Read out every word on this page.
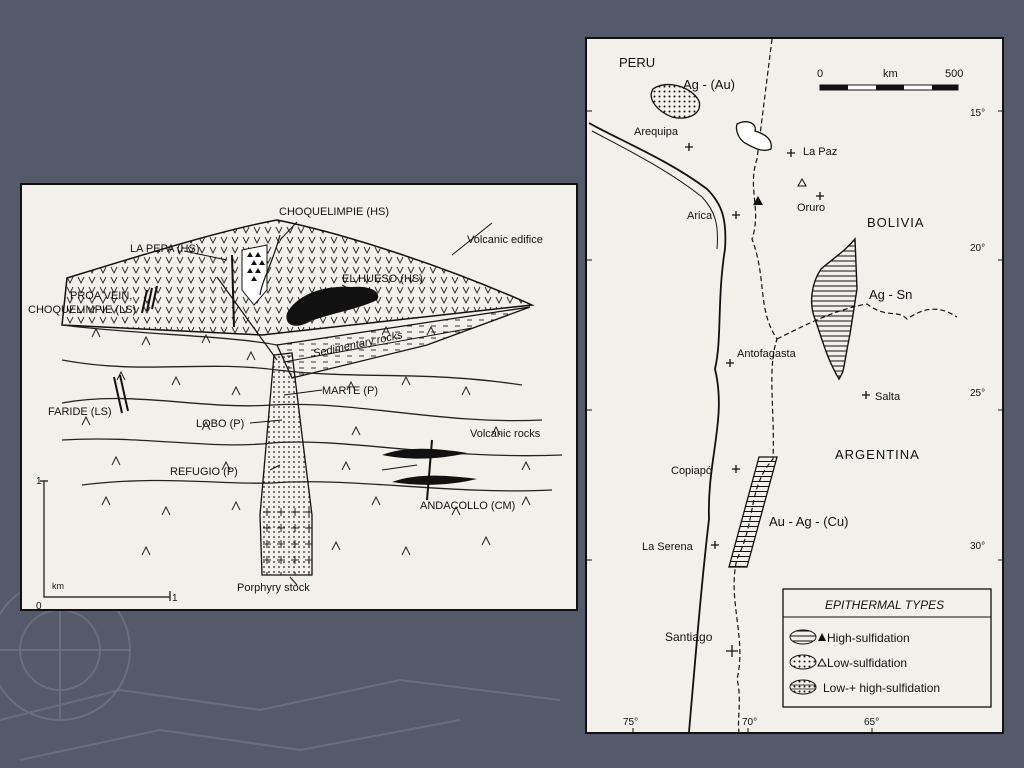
CHOQUELIMPIE (HS)
LA PEPA (HS)
Volcanic edifice
EL HUESO (HS)
PROA VEIN,
CHOQUELIMPIE (LS)
Sedimentary rocks
FARIDE (LS)
MARTE (P)
LOBO (P)
Volcanic rocks
REFUGIO (P)
ANDACOLLO (CM)
Porphyry stock
1
0
1
km
PERU
BOLIVIA
ARGENTINA
Arequipa
La Paz
Oruro
Arica
Antofagasta
Salta
Copiapó
La Serena
Santiago
Ag - (Au)
Ag - Sn
Au - Ag - (Cu)
0	km	500
15°
20°
25°
30°
75°	70°	65°
EPITHERMAL TYPES
High-sulfidation
Low-sulfidation
Low-+ high-sulfidation
